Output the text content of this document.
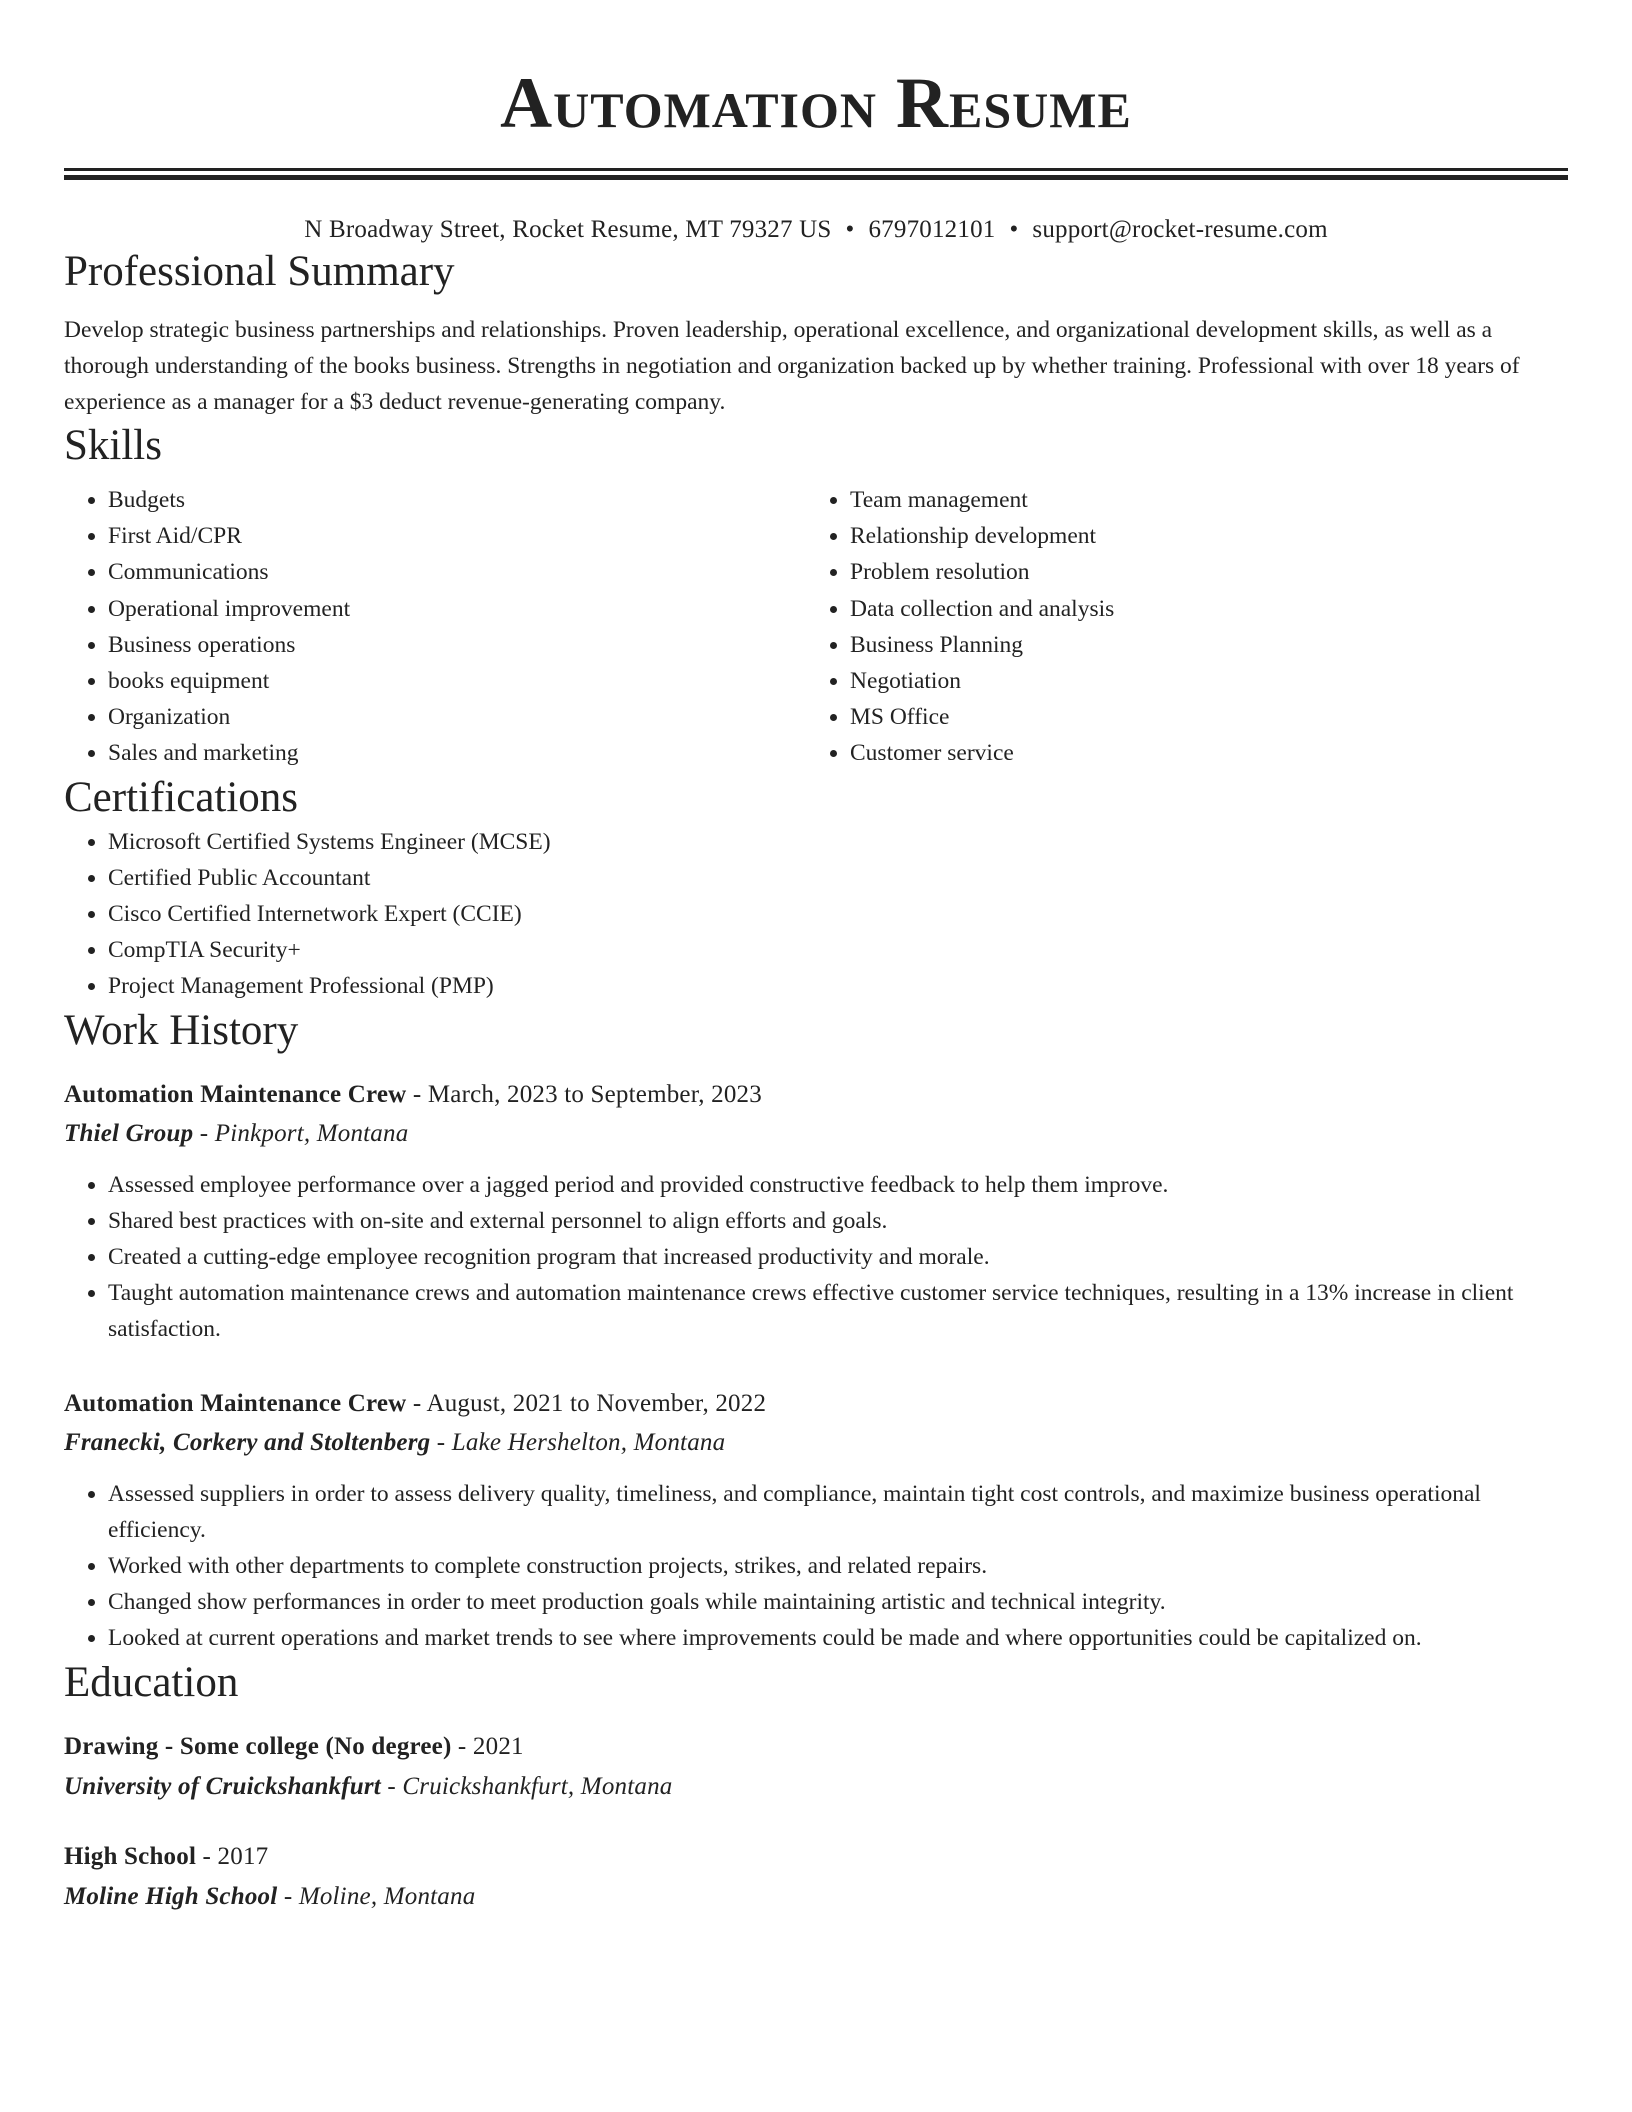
Automation Resume
N Broadway Street, Rocket Resume, MT 79327 US • 6797012101 • support@rocket-resume.com
Professional Summary

Develop strategic business partnerships and relationships. Proven leadership, operational excellence, and organizational development skills, as well as a thorough understanding of the books business. Strengths in negotiation and organization backed up by whether training. Professional with over 18 years of experience as a manager for a $3 deduct revenue-generating company.

Skills
• Budgets
• First Aid/CPR
• Communications
• Operational improvement
• Business operations
• books equipment
• Organization
• Sales and marketing
• Team management
• Relationship development
• Problem resolution
• Data collection and analysis
• Business Planning
• Negotiation
• MS Office
• Customer service
Certifications
• Microsoft Certified Systems Engineer (MCSE)
• Certified Public Accountant
• Cisco Certified Internetwork Expert (CCIE)
• CompTIA Security+
• Project Management Professional (PMP)
Work History
Automation Maintenance Crew - March, 2023 to September, 2023
Thiel Group - Pinkport, Montana
• Assessed employee performance over a jagged period and provided constructive feedback to help them improve.
• Shared best practices with on-site and external personnel to align efforts and goals.
• Created a cutting-edge employee recognition program that increased productivity and morale.
• Taught automation maintenance crews and automation maintenance crews effective customer service techniques, resulting in a 13% increase in client satisfaction.
Automation Maintenance Crew - August, 2021 to November, 2022
Franecki, Corkery and Stoltenberg - Lake Hershelton, Montana
• Assessed suppliers in order to assess delivery quality, timeliness, and compliance, maintain tight cost controls, and maximize business operational efficiency.
• Worked with other departments to complete construction projects, strikes, and related repairs.
• Changed show performances in order to meet production goals while maintaining artistic and technical integrity.
• Looked at current operations and market trends to see where improvements could be made and where opportunities could be capitalized on.
Education
Drawing - Some college (No degree) - 2021
University of Cruickshankfurt - Cruickshankfurt, Montana
High School - 2017
Moline High School - Moline, Montana
